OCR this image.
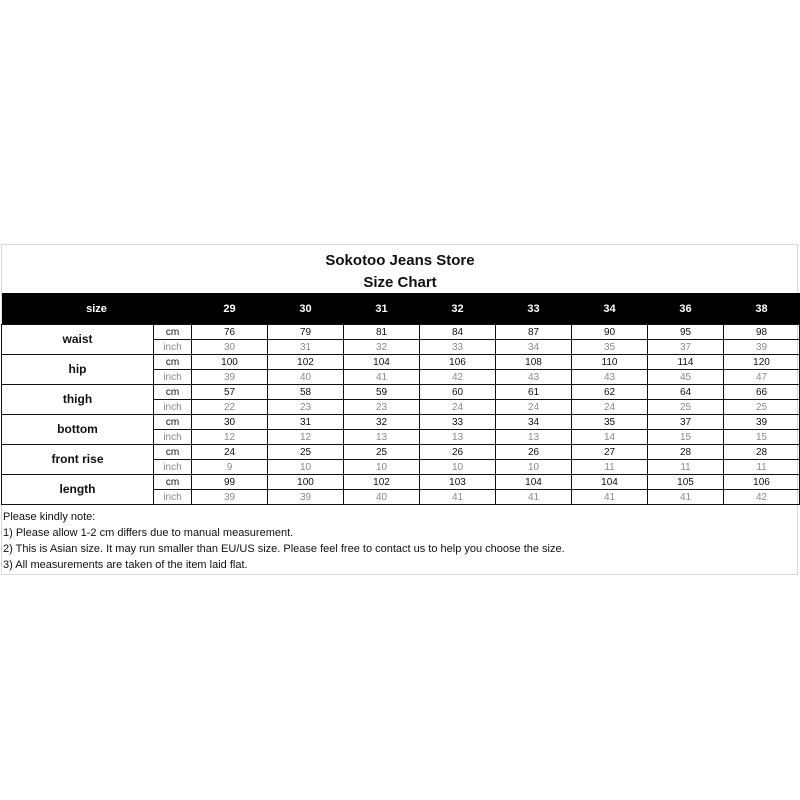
Sokotoo Jeans Store
Size Chart
size		29	30	31	32	33	34	36	38
waist	cm	76	79	81	84	87	90	95	98
	inch	30	31	32	33	34	35	37	39
hip	cm	100	102	104	106	108	110	114	120
	inch	39	40	41	42	43	43	45	47
thigh	cm	57	58	59	60	61	62	64	66
	inch	22	23	23	24	24	24	25	25
bottom	cm	30	31	32	33	34	35	37	39
	inch	12	12	13	13	13	14	15	15
front rise	cm	24	25	25	26	26	27	28	28
	inch	9	10	10	10	10	11	11	11
length	cm	99	100	102	103	104	104	105	106
	inch	39	39	40	41	41	41	41	42
Please kindly note:
1) Please allow 1-2 cm differs due to manual measurement.
2) This is Asian size. It may run smaller than EU/US size. Please feel free to contact us to help you choose the size.
3) All measurements are taken of the item laid flat.
